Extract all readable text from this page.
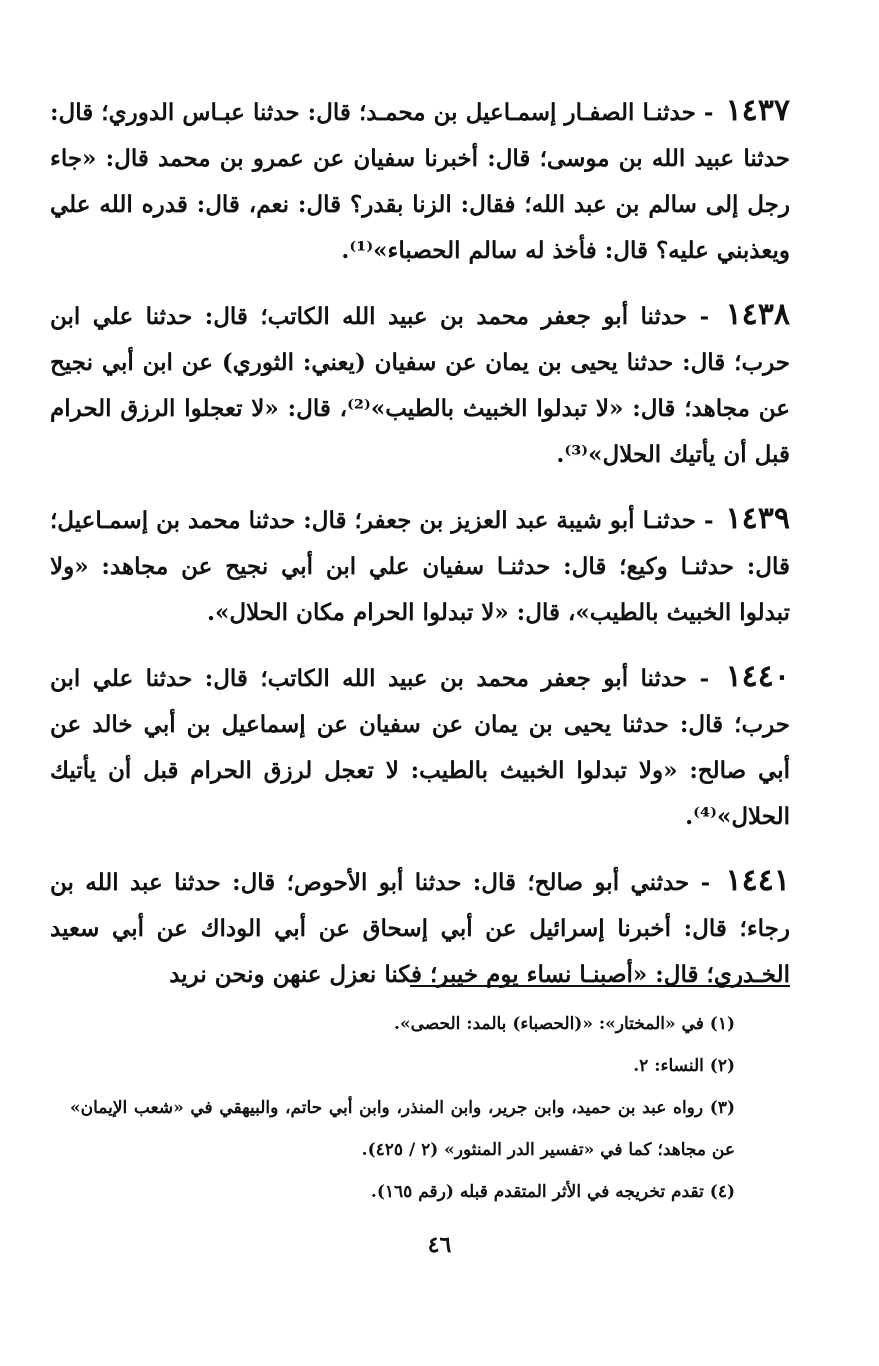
١٤٣٧ - حدثنـا الصفـار إسمـاعيل بن محمـد؛ قال: حدثنا عبـاس الدوري؛ قال: حدثنا عبيد الله بن موسى؛ قال: أخبرنا سفيان عن عمرو بن محمد قال: «جاء رجل إلى سالم بن عبد الله؛ فقال: الزنا بقدر؟ قال: نعم، قال: قدره الله علي ويعذبني عليه؟ قال: فأخذ له سالم الحصباء»⁽¹⁾.

١٤٣٨ - حدثنا أبو جعفر محمد بن عبيد الله الكاتب؛ قال: حدثنا علي ابن حرب؛ قال: حدثنا يحيى بن يمان عن سفيان (يعني: الثوري) عن ابن أبي نجيح عن مجاهد؛ قال: «لا تبدلوا الخبيث بالطيب»⁽²⁾، قال: «لا تعجلوا الرزق الحرام قبل أن يأتيك الحلال»⁽³⁾.

١٤٣٩ - حدثنـا أبو شيبة عبد العزيز بن جعفر؛ قال: حدثنا محمد بن إسمـاعيل؛ قال: حدثنـا وكيع؛ قال: حدثنـا سفيان علي ابن أبي نجيح عن مجاهد: «ولا تبدلوا الخبيث بالطيب»، قال: «لا تبدلوا الحرام مكان الحلال».

١٤٤٠ - حدثنا أبو جعفر محمد بن عبيد الله الكاتب؛ قال: حدثنا علي ابن حرب؛ قال: حدثنا يحيى بن يمان عن سفيان عن إسماعيل بن أبي خالد عن أبي صالح: «ولا تبدلوا الخبيث بالطيب: لا تعجل لرزق الحرام قبل أن يأتيك الحلال»⁽⁴⁾.

١٤٤١ - حدثني أبو صالح؛ قال: حدثنا أبو الأحوص؛ قال: حدثنا عبد الله بن رجاء؛ قال: أخبرنا إسرائيل عن أبي إسحاق عن أبي الوداك عن أبي سعيد الخـدري؛ قال: «أصبنـا نساء يوم خيبر؛ فكنا نعزل عنهن ونحن نريد

(١) في «المختار»: «(الحصباء) بالمد: الحصى».

(٢) النساء: ٢.

(٣) رواه عبد بن حميد، وابن جرير، وابن المنذر، وابن أبي حاتم، والبيهقي في «شعب الإيمان» عن مجاهد؛ كما في «تفسير الدر المنثور» (٢ / ٤٢٥).

(٤) تقدم تخريجه في الأثر المتقدم قبله (رقم ١٦٥).

٤٦
